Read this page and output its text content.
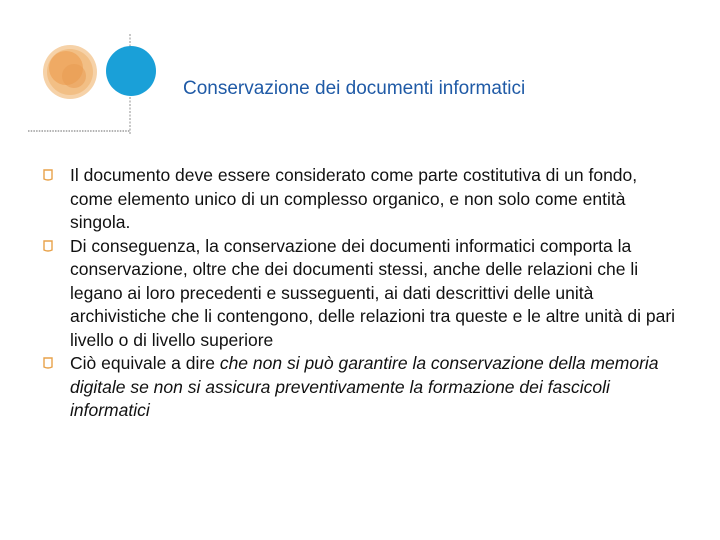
Conservazione dei documenti informatici
Il documento deve essere considerato come parte costitutiva di un fondo, come elemento unico di un complesso organico, e non solo come entità singola.
Di conseguenza, la conservazione dei documenti informatici comporta la conservazione, oltre che dei documenti stessi, anche delle relazioni che li legano ai loro precedenti e susseguenti, ai dati descrittivi delle unità archivistiche che li contengono, delle relazioni tra queste e le altre unità di pari livello o di livello superiore
Ciò equivale a dire che non si può garantire la conservazione della memoria digitale se non si assicura preventivamente la formazione dei fascicoli informatici
